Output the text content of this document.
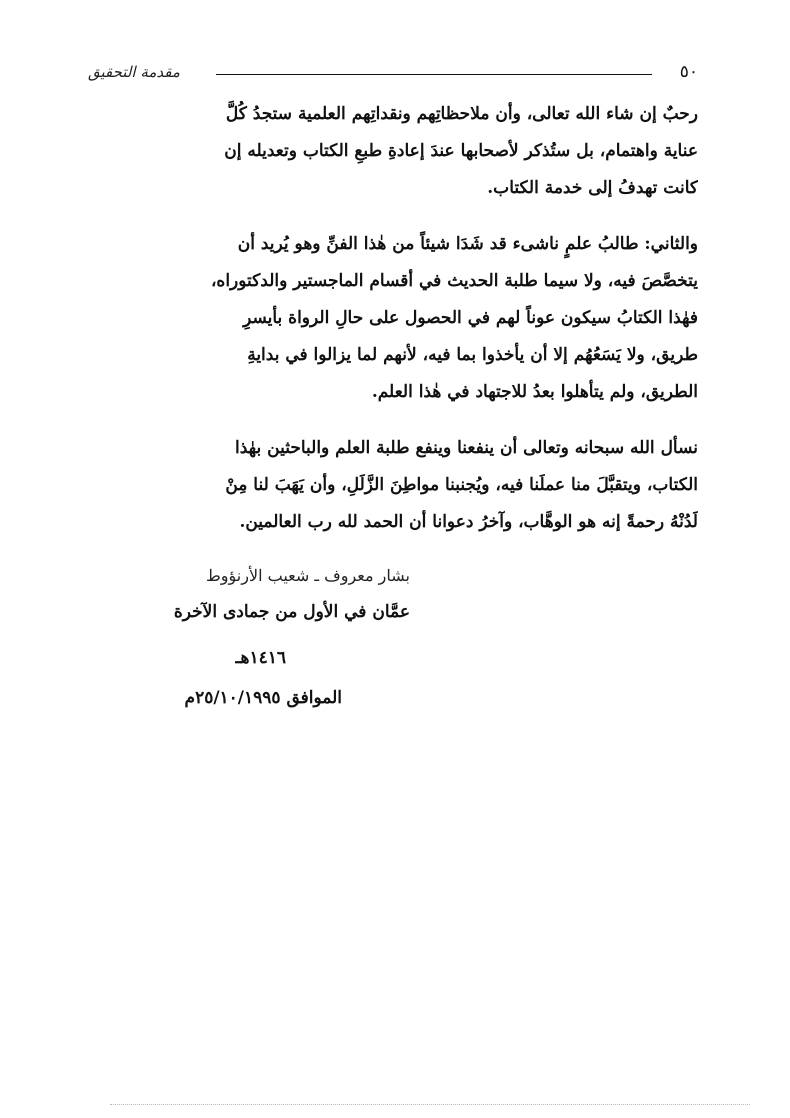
٥٠
مقدمة التحقيق
رحبٌ إن شاء الله تعالى، وأن ملاحظاتِهم ونقداتِهم العلمية ستجدُ كُلَّ
عناية واهتمام، بل ستُذكر لأصحابها عندَ إعادةِ طبعِ الكتاب وتعديله إن
كانت تهدفُ إلى خدمة الكتاب.
والثاني: طالبُ علمٍ ناشىء قد شَدَا شيئاً من هٰذا الفنِّ وهو يُريد أن
يتخصَّصَ فيه، ولا سيما طلبة الحديث في أقسام الماجستير والدكتوراه،
فهٰذا الكتابُ سيكون عوناً لهم في الحصول على حالِ الرواة بأيسرِ
طريق، ولا يَسَعُهُم إلا أن يأخذوا بما فيه، لأنهم لما يزالوا في بدايةِ
الطريق، ولم يتأهلوا بعدُ للاجتهاد في هٰذا العلم.
نسأل الله سبحانه وتعالى أن ينفعنا وينفع طلبة العلم والباحثين بهٰذا
الكتاب، ويتقبَّلَ منا عملَنا فيه، ويُجنبنا مواطِنَ الزَّلَلِ، وأن يَهَبَ لنا مِنْ
لَدُنْهُ رحمةً إنه هو الوهَّاب، وآخرُ دعوانا أن الحمد لله رب العالمين.
بشار معروف ـ شعيب الأرنؤوط
عمَّان في الأول من جمادى الآخرة
١٤١٦هـ
الموافق ٢٥/١٠/١٩٩٥م
